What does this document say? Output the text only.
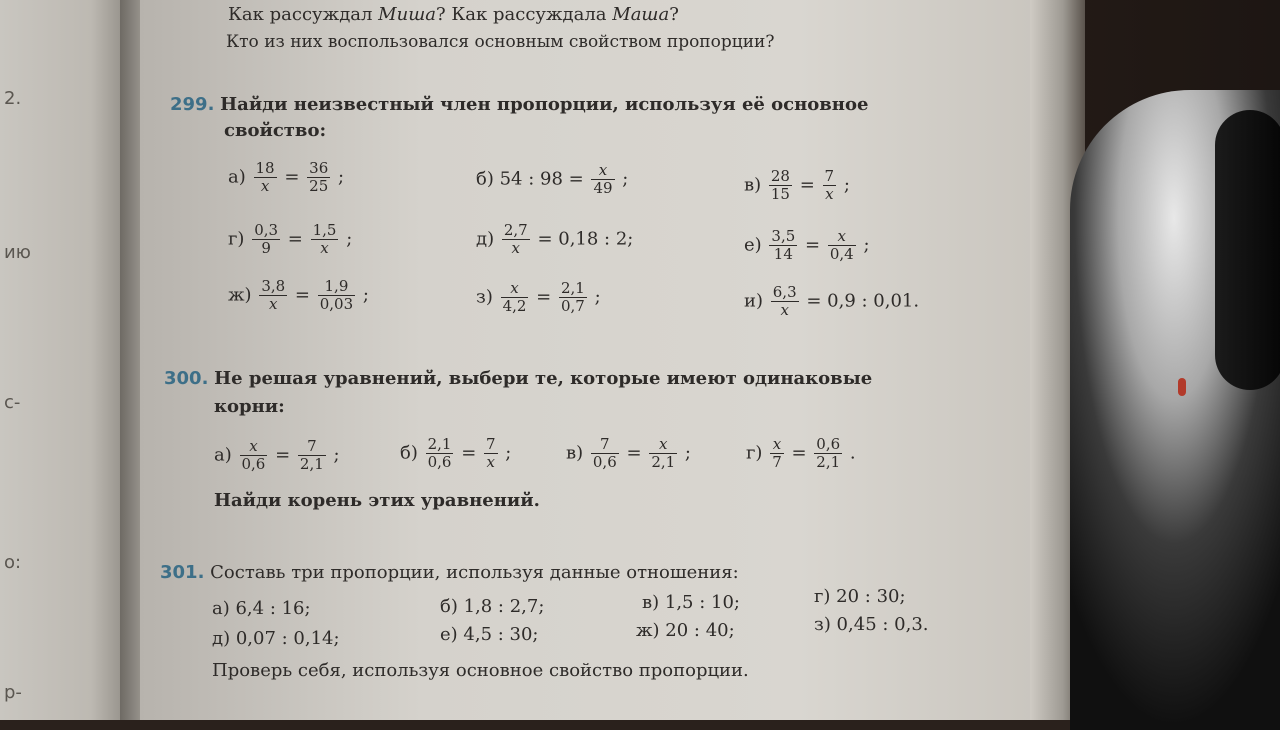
2.
ию
с-
о:
р-
Как рассуждал Миша? Как рассуждала Маша?
Кто из них воспользовался основным свойством пропорции?
299. Найди неизвестный член пропорции, используя её основное
свойство:
$а) \frac{18}{x} = \frac{36}{25}$ ;	б) 54 : $98 = \frac{x}{49}$ ;	$в) \frac{28}{15} = \frac{7}{x}$ ;
$г) \frac{0,3}{9} = \frac{1,5}{x}$ ;	$д) \frac{2,7}{x} = 0,18$ : 2;	$е) \frac{3,5}{14} = \frac{x}{0,4}$ ;
$ж) \frac{3,8}{x} = \frac{1,9}{0,03}$ ;	$з) \frac{x}{4,2} = \frac{2,1}{0,7}$ ;	$и) \frac{6,3}{x} = 0,9$ : 0,01.
300. Не решая уравнений, выбери те, которые имеют одинаковые
корни:
$а) \frac{x}{0,6} = \frac{7}{2,1}$ ;	$б) \frac{2,1}{0,6} = \frac{7}{x}$ ;	$в) \frac{7}{0,6} = \frac{x}{2,1}$ ;	$г) \frac{x}{7} = \frac{0,6}{2,1}$ .
Найди корень этих уравнений.
301. Составь три пропорции, используя данные отношения:
а) 6,4 : 16;	б) 1,8 : 2,7;	в) 1,5 : 10;	г) 20 : 30;
д) 0,07 : 0,14;	е) 4,5 : 30;	ж) 20 : 40;	з) 0,45 : 0,3.
Проверь себя, используя основное свойство пропорции.
